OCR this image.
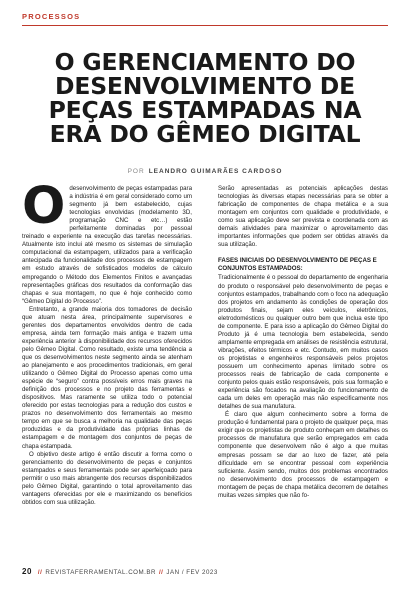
PROCESSOS
O GERENCIAMENTO DO DESENVOLVIMENTO DE PEÇAS ESTAMPADAS NA ERA DO GÊMEO DIGITAL
POR LEANDRO GUIMARÃES CARDOSO

Odesenvolvimento de peças estampadas para a indústria é em geral considerado como um segmento já bem estabelecido, cujas tecnologias envolvidas (modelamento 3D, programação CNC e etc…) estão perfeitamente dominadas por pessoal treinado e experiente na execução das tarefas necessárias. Atualmente isto inclui até mesmo os sistemas de simulação computacional da estampagem, utilizados para a verificação antecipada da funcionalidade dos processos de estampagem em estudo através de sofisticados modelos de cálculo empregando o Método dos Elementos Finitos e avançadas representações gráficas dos resultados da conformação das chapas e sua montagem, no que é hoje conhecido como “Gêmeo Digital do Processo”.

Entretanto, a grande maioria dos tomadores de decisão que atuam nesta área, principalmente supervisores e gerentes dos departamentos envolvidos dentro de cada empresa, ainda tem formação mais antiga e trazem uma experiência anterior à disponibilidade dos recursos oferecidos pelo Gêmeo Digital. Como resultado, existe uma tendência a que os desenvolvimentos neste segmento ainda se atenham ao planejamento e aos procedimentos tradicionais, em geral utilizando o Gêmeo Digital do Processo apenas como uma espécie de “seguro” contra possíveis erros mais graves na definição dos processos e no projeto das ferramentas e dispositivos. Mas raramente se utiliza todo o potencial oferecido por estas tecnologias para a redução dos custos e prazos no desenvolvimento dos ferramentais ao mesmo tempo em que se busca a melhoria na qualidade das peças produzidas e da produtividade das próprias linhas de estampagem e de montagem dos conjuntos de peças de chapa estampada.

O objetivo deste artigo é então discutir a forma como o gerenciamento do desenvolvimento de peças e conjuntos estampados e seus ferramentais pode ser aperfeiçoado para permitir o uso mais abrangente dos recursos disponibilizados pelo Gêmeo Digital, garantindo o total aproveitamento das vantagens oferecidas por ele e maximizando os benefícios obtidos com sua utilização.

Serão apresentadas as potenciais aplicações destas tecnologias às diversas etapas necessárias para se obter a fabricação de componentes de chapa metálica e a sua montagem em conjuntos com qualidade e produtividade, e como sua aplicação deve ser prevista e coordenada com as demais atividades para maximizar o aproveitamento das importantes informações que podem ser obtidas através da sua utilização.

FASES INICIAIS DO DESENVOLVIMENTO DE PEÇAS E CONJUNTOS ESTAMPADOS:

Tradicionalmente é o pessoal do departamento de engenharia do produto o responsável pelo desenvolvimento de peças e conjuntos estampados, trabalhando com o foco na adequação dos projetos em andamento às condições de operação dos produtos finais, sejam eles veículos, eletrônicos, eletrodomésticos ou qualquer outro bem que inclua este tipo de componente. E para isso a aplicação do Gêmeo Digital do Produto já é uma tecnologia bem estabelecida, sendo amplamente empregada em análises de resistência estrutural, vibrações, efeitos térmicos e etc. Contudo, em muitos casos os projetistas e engenheiros responsáveis pelos projetos possuem um conhecimento apenas limitado sobre os processos reais de fabricação de cada componente e conjunto pelos quais estão responsáveis, pois sua formação e experiência são focados na avaliação do funcionamento de cada um deles em operação mas não especificamente nos detalhes de sua manufatura.

É claro que algum conhecimento sobre a forma de produção é fundamental para o projeto de qualquer peça, mas exigir que os projetistas de produto conheçam em detalhes os processos de manufatura que serão empregados em cada componente que desenvolvem não é algo a que muitas empresas possam se dar ao luxo de fazer, até pela dificuldade em se encontrar pessoal com experiência suficiente. Assim sendo, muitos dos problemas encontrados no desenvolvimento dos processos de estampagem e montagem de peças de chapa metálica decorrem de detalhes muitas vezes simples que não fo-

20 // REVISTAFERRAMENTAL.COM.BR // JAN / FEV 2023
